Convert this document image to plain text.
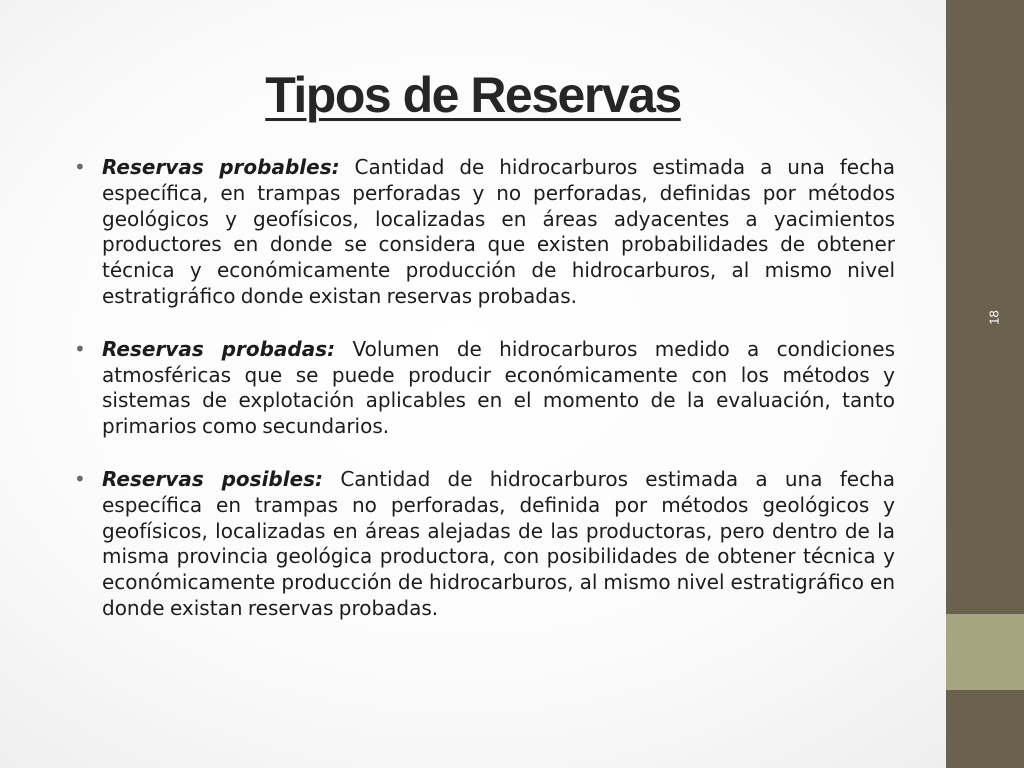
Tipos de Reservas
• Reservas probables: Cantidad de hidrocarburos estimada a una fecha específica, en trampas perforadas y no perforadas, definidas por métodos geológicos y geofísicos, localizadas en áreas adyacentes a yacimientos productores en donde se considera que existen probabilidades de obtener técnica y económicamente producción de hidrocarburos, al mismo nivel estratigráfico donde existan reservas probadas.
• Reservas probadas: Volumen de hidrocarburos medido a condiciones atmosféricas que se puede producir económicamente con los métodos y sistemas de explotación aplicables en el momento de la evaluación, tanto primarios como secundarios.
• Reservas posibles: Cantidad de hidrocarburos estimada a una fecha específica en trampas no perforadas, definida por métodos geológicos y geofísicos, localizadas en áreas alejadas de las productoras, pero dentro de la misma provincia geológica productora, con posibilidades de obtener técnica y económicamente producción de hidrocarburos, al mismo nivel estratigráfico en donde existan reservas probadas.
18
